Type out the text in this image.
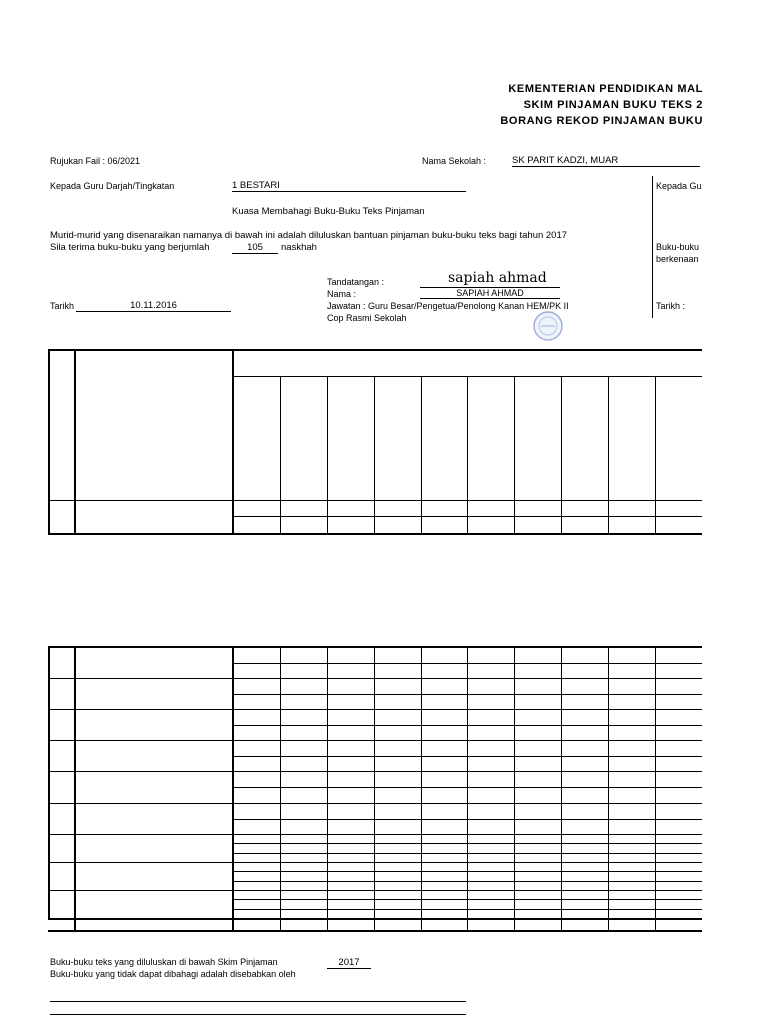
KEMENTERIAN PENDIDIKAN MAL
SKIM PINJAMAN BUKU TEKS 2
BORANG REKOD PINJAMAN BUKU
Rujukan Fail : 06/2021	Nama Sekolah :	SK PARIT KADZI, MUAR
Kepada Guru Darjah/Tingkatan	1 BESTARI	Kepada Gu
Kuasa Membahagi Buku-Buku Teks Pinjaman
Murid-murid yang disenaraikan namanya di bawah ini adalah diluluskan bantuan pinjaman buku-buku teks bagi tahun 2017
Sila terima buku-buku yang berjumlah	105	naskhah	Buku-buku
berkenaan
Tandatangan :	sapiah ahmad
Nama :	SAPIAH AHMAD
Jawatan : Guru Besar/Pengetua/Penolong Kanan HEM/PK II
Cop Rasmi Sekolah
Tarikh	10.11.2016	Tarikh :
Buku-buku teks yang diluluskan di bawah Skim Pinjaman	2017
Buku-buku yang tidak dapat dibahagi adalah disebabkan oleh
